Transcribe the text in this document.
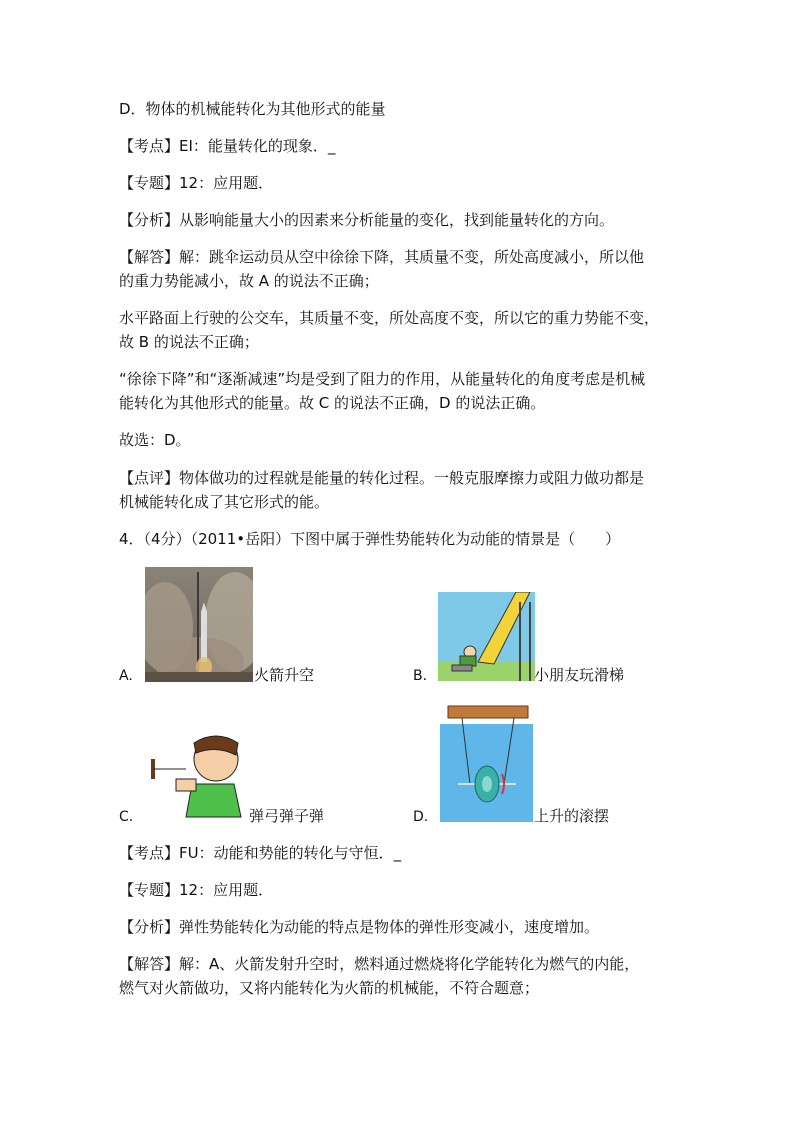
D．物体的机械能转化为其他形式的能量
【考点】EI：能量转化的现象．_
【专题】12：应用题．
【分析】从影响能量大小的因素来分析能量的变化，找到能量转化的方向。
【解答】解：跳伞运动员从空中徐徐下降，其质量不变，所处高度减小，所以他
的重力势能减小，故 A 的说法不正确；
水平路面上行驶的公交车，其质量不变，所处高度不变，所以它的重力势能不变，
故 B 的说法不正确；
“徐徐下降”和“逐渐减速”均是受到了阻力的作用，从能量转化的角度考虑是机械
能转化为其他形式的能量。故 C 的说法不正确，D 的说法正确。
故选：D。
【点评】物体做功的过程就是能量的转化过程。一般克服摩擦力或阻力做功都是
机械能转化成了其它形式的能。
4．（4分）（2011•岳阳）下图中属于弹性势能转化为动能的情景是（　　）
A.	火箭升空	B.	小朋友玩滑梯
C.	弹弓弹子弹	D.	上升的滚摆
【考点】FU：动能和势能的转化与守恒．_
【专题】12：应用题．
【分析】弹性势能转化为动能的特点是物体的弹性形变减小，速度增加。
【解答】解：A、火箭发射升空时，燃料通过燃烧将化学能转化为燃气的内能，
燃气对火箭做功，又将内能转化为火箭的机械能，不符合题意；
